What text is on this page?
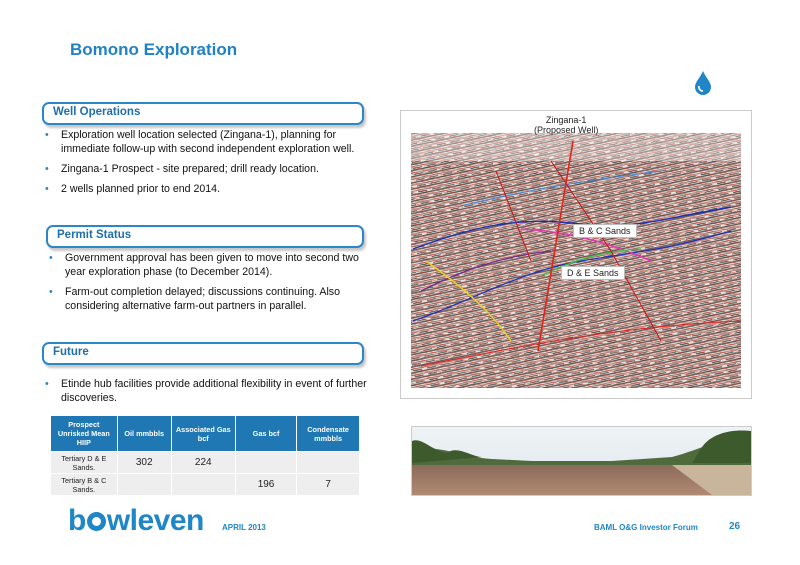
Bomono Exploration
Well Operations
• Exploration well location selected (Zingana-1), planning for immediate follow-up with second independent exploration well.
• Zingana-1 Prospect - site prepared; drill ready location.
• 2 wells planned prior to end 2014.
Permit Status
• Government approval has been given to move into second two year exploration phase (to December 2014).
• Farm-out completion delayed; discussions continuing. Also considering alternative farm-out partners in parallel.
Future
• Etinde hub facilities provide additional flexibility in event of further discoveries.
Prospect Unrisked Mean HIIP	Oil mmbbls	Associated Gas bcf	Gas bcf	Condensate mmbbls
Tertiary D & E Sands.	302	224		
Tertiary B & C Sands.			196	7
Zingana-1
(Proposed Well)
B & C Sands
D & E Sands
b wleven APRIL 2013	BAML O&G Investor Forum	26
